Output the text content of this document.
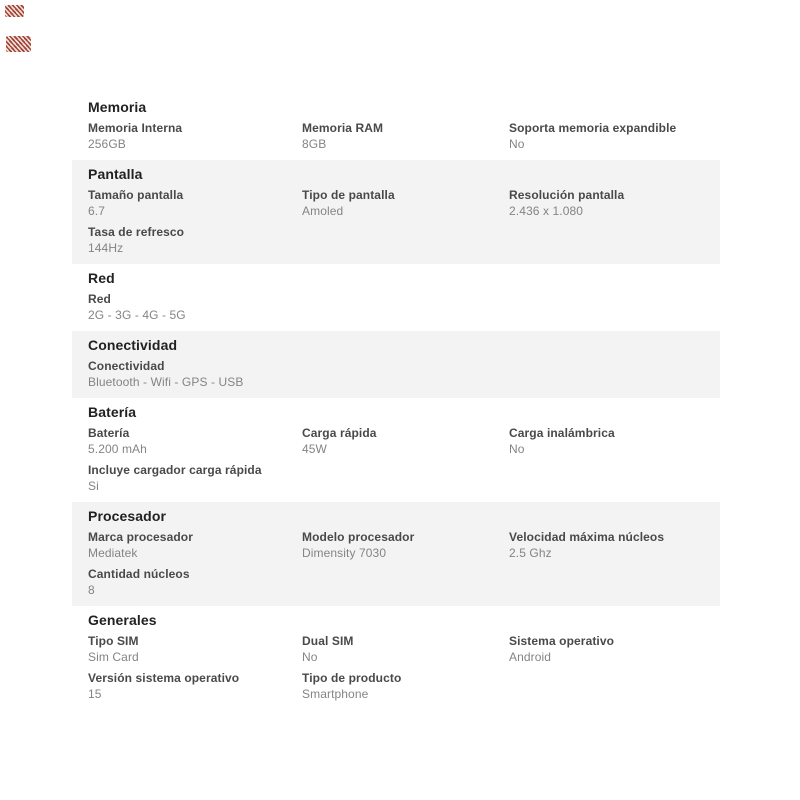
Memoria
Memoria Interna
256GB
Memoria RAM
8GB
Soporta memoria expandible
No
Pantalla
Tamaño pantalla
6.7
Tipo de pantalla
Amoled
Resolución pantalla
2.436 x 1.080
Tasa de refresco
144Hz
Red
Red
2G - 3G - 4G - 5G
Conectividad
Conectividad
Bluetooth - Wifi - GPS - USB
Batería
Batería
5.200 mAh
Carga rápida
45W
Carga inalámbrica
No
Incluye cargador carga rápida
Si
Procesador
Marca procesador
Mediatek
Modelo procesador
Dimensity 7030
Velocidad máxima núcleos
2.5 Ghz
Cantidad núcleos
8
Generales
Tipo SIM
Sim Card
Dual SIM
No
Sistema operativo
Android
Versión sistema operativo
15
Tipo de producto
Smartphone
